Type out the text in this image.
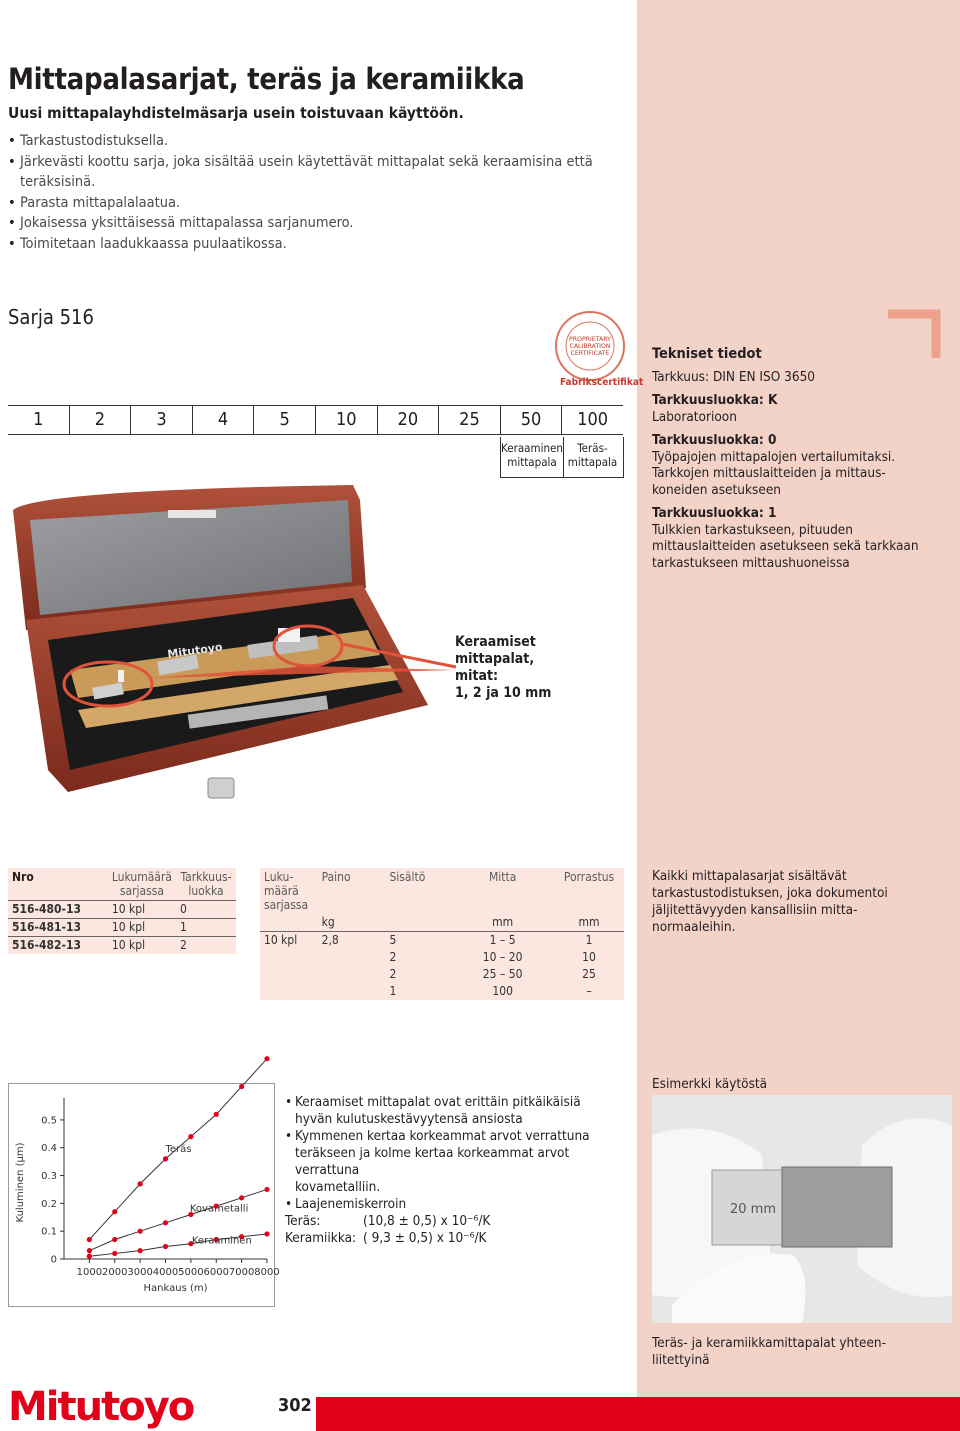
Mittapalasarjat, teräs ja keramiikka
Uusi mittapalayhdistelmäsarja usein toistuvaan käyttöön.
• Tarkastustodistuksella.
• Järkevästi koottu sarja, joka sisältää usein käytettävät mittapalat sekä keraamisina että teräksisinä.
• Parasta mittapalalaatua.
• Jokaisessa yksittäisessä mittapalassa sarjanumero.
• Toimitetaan laadukkaassa puulaatikossa.
Sarja 516
PROPRIETARY
CALIBRATION
CERTIFICATE
Fabrikscertifikat
1	2	3	4	5	10	20	25	50	100
Keraaminen
mittapala
Teräs-
mittapala
Mitutoyo	Keraamiset
mittapalat,
mitat:
1, 2 ja 10 mm
Tekniset tiedot
Tarkkuus: DIN EN ISO 3650
Tarkkuusluokka: K
Laboratorioon
Tarkkuusluokka: 0
Työpajojen mittapalojen vertailumitaksi.
Tarkkojen mittauslaitteiden ja mittaus-
koneiden asetukseen
Tarkkuusluokka: 1
Tulkkien tarkastukseen, pituuden
mittauslaitteiden asetukseen sekä tarkkaan
tarkastukseen mittaushuoneissa
Nro	Lukumäärä sarjassa	Tarkkuus- luokka
516-480-13	10 kpl	0
516-481-13	10 kpl	1
516-482-13	10 kpl	2
Luku- määrä sarjassa	Paino	Sisältö	Mitta	Porrastus
	kg		mm	mm
10 kpl	2,8	5	1 – 5	1
		2	10 – 20	10
		2	25 – 50	25
		1	100	–
Kaikki mittapalasarjat sisältävät
tarkastustodistuksen, joka dokumentoi
jäljitettävyyden kansallisiin mitta-
normaaleihin.
0
0.1
0.2
0.3
0.4
0.5
1000 2000 3000 4000 5000 6000 7000 8000
Hankaus (m)
Kuluminen (µm)	Teräs
Kovametalli
Keraaminen
• Keraamiset mittapalat ovat erittäin pitkäikäisiä
hyvän kulutuskestävyytensä ansiosta
• Kymmenen kertaa korkeammat arvot verrattuna
teräkseen ja kolme kertaa korkeammat arvot verrattuna
kovametalliin.
• Laajenemiskerroin
Teräs:	(10,8 ± 0,5) x 10⁻⁶/K
Keramiikka: ( 9,3 ± 0,5) x 10⁻⁶/K
Esimerkki käytöstä
20 mm
Teräs- ja keramiikkamittapalat yhteen-
liitettyinä
Mitutoyo	302
